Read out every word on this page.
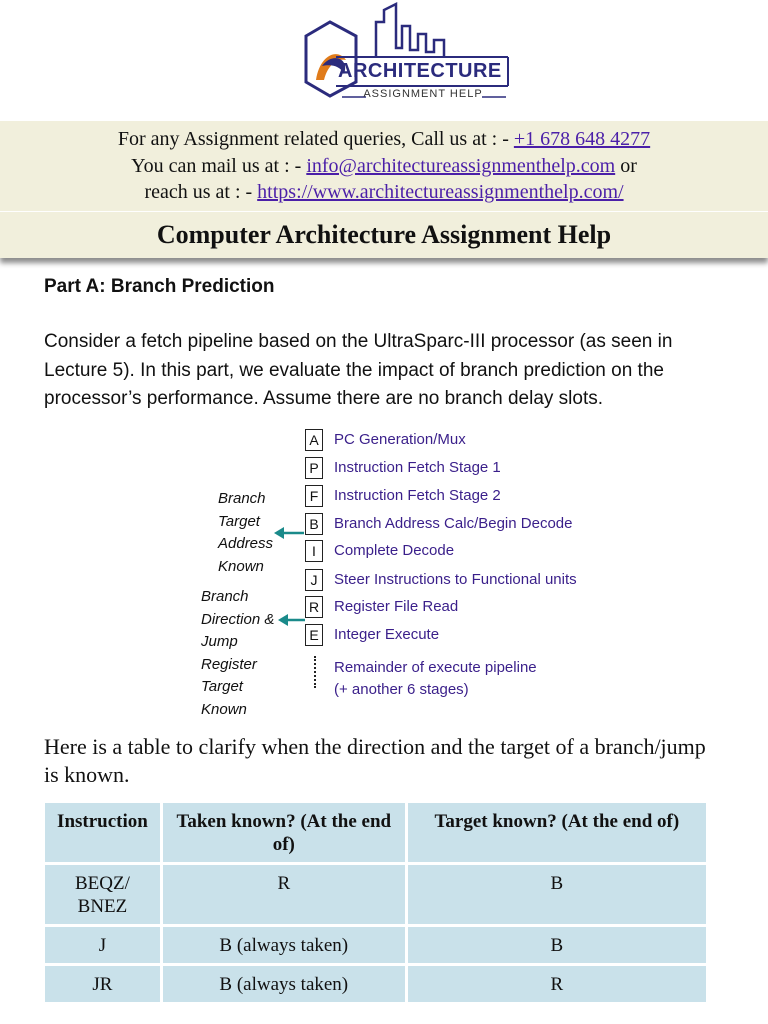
ARCHITECTURE
ASSIGNMENT HELP
For any Assignment related queries, Call us at : - +1 678 648 4277
You can mail us at : - info@architectureassignmenthelp.com or
reach us at : - https://www.architectureassignmenthelp.com/
Computer Architecture Assignment Help
Part A: Branch Prediction
Consider a fetch pipeline based on the UltraSparc-III processor (as seen in Lecture 5). In this part, we evaluate the impact of branch prediction on the processor’s performance. Assume there are no branch delay slots.
A PC Generation/Mux
P Instruction Fetch Stage 1
F	Instruction Fetch Stage 2
B Branch Address Calc/Begin Decode
I	Complete Decode
J	Steer Instructions to Functional units
R Register File Read
E Integer Execute
Remainder of execute pipeline
(+ another 6 stages)
Branch
Target
Address
Known
Branch
Direction &
Jump
Register
Target
Known
Here is a table to clarify when the direction and the target of a branch/jump is known.
Instruction	Taken known? (At the end of)	Target known? (At the end of)
BEQZ/ BNEZ	R	B
J	B (always taken)	B
JR	B (always taken)	R
